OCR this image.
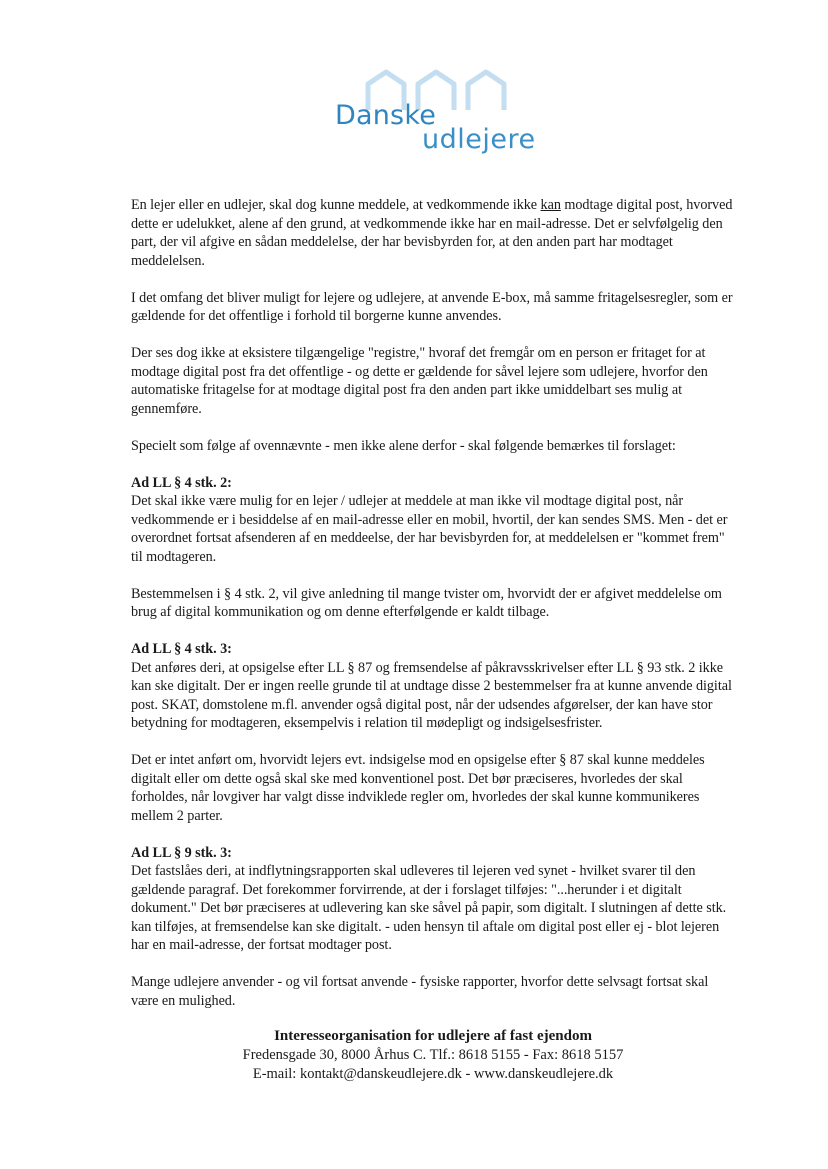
Danske
udlejere

En lejer eller en udlejer, skal dog kunne meddele, at vedkommende ikke kan modtage digital post, hvorved dette er udelukket, alene af den grund, at vedkommende ikke har en mail-adresse. Det er selvfølgelig den part, der vil afgive en sådan meddelelse, der har bevisbyrden for, at den anden part har modtaget meddelelsen.

I det omfang det bliver muligt for lejere og udlejere, at anvende E-box, må samme fritagelsesregler, som er gældende for det offentlige i forhold til borgerne kunne anvendes.

Der ses dog ikke at eksistere tilgængelige "registre," hvoraf det fremgår om en person er fritaget for at modtage digital post fra det offentlige - og dette er gældende for såvel lejere som udlejere, hvorfor den automatiske fritagelse for at modtage digital post fra den anden part ikke umiddelbart ses mulig at gennemføre.

Specielt som følge af ovennævnte - men ikke alene derfor - skal følgende bemærkes til forslaget:

Ad LL § 4 stk. 2:
Det skal ikke være mulig for en lejer / udlejer at meddele at man ikke vil modtage digital post, når vedkommende er i besiddelse af en mail-adresse eller en mobil, hvortil, der kan sendes SMS. Men - det er overordnet fortsat afsenderen af en meddeelse, der har bevisbyrden for, at meddelelsen er "kommet frem" til modtageren.

Bestemmelsen i § 4 stk. 2, vil give anledning til mange tvister om, hvorvidt der er afgivet meddelelse om brug af digital kommunikation og om denne efterfølgende er kaldt tilbage.

Ad LL § 4 stk. 3:
Det anføres deri, at opsigelse efter LL § 87 og fremsendelse af påkravsskrivelser efter LL § 93 stk. 2 ikke kan ske digitalt. Der er ingen reelle grunde til at undtage disse 2 bestemmelser fra at kunne anvende digital post. SKAT, domstolene m.fl. anvender også digital post, når der udsendes afgørelser, der kan have stor betydning for modtageren, eksempelvis i relation til mødepligt og indsigelsesfrister.

Det er intet anført om, hvorvidt lejers evt. indsigelse mod en opsigelse efter § 87 skal kunne meddeles digitalt eller om dette også skal ske med konventionel post. Det bør præciseres, hvorledes der skal forholdes, når lovgiver har valgt disse indviklede regler om, hvorledes der skal kunne kommunikeres mellem 2 parter.

Ad LL § 9 stk. 3:
Det fastslåes deri, at indflytningsrapporten skal udleveres til lejeren ved synet - hvilket svarer til den gældende paragraf. Det forekommer forvirrende, at der i forslaget tilføjes: "...herunder i et digitalt dokument." Det bør præciseres at udlevering kan ske såvel på papir, som digitalt. I slutningen af dette stk. kan tilføjes, at fremsendelse kan ske digitalt. - uden hensyn til aftale om digital post eller ej - blot lejeren har en mail-adresse, der fortsat modtager post.

Mange udlejere anvender - og vil fortsat anvende - fysiske rapporter, hvorfor dette selvsagt fortsat skal være en mulighed.

Interesseorganisation for udlejere af fast ejendom
Fredensgade 30, 8000 Århus C. Tlf.: 8618 5155 - Fax: 8618 5157
E-mail: kontakt@danskeudlejere.dk - www.danskeudlejere.dk
